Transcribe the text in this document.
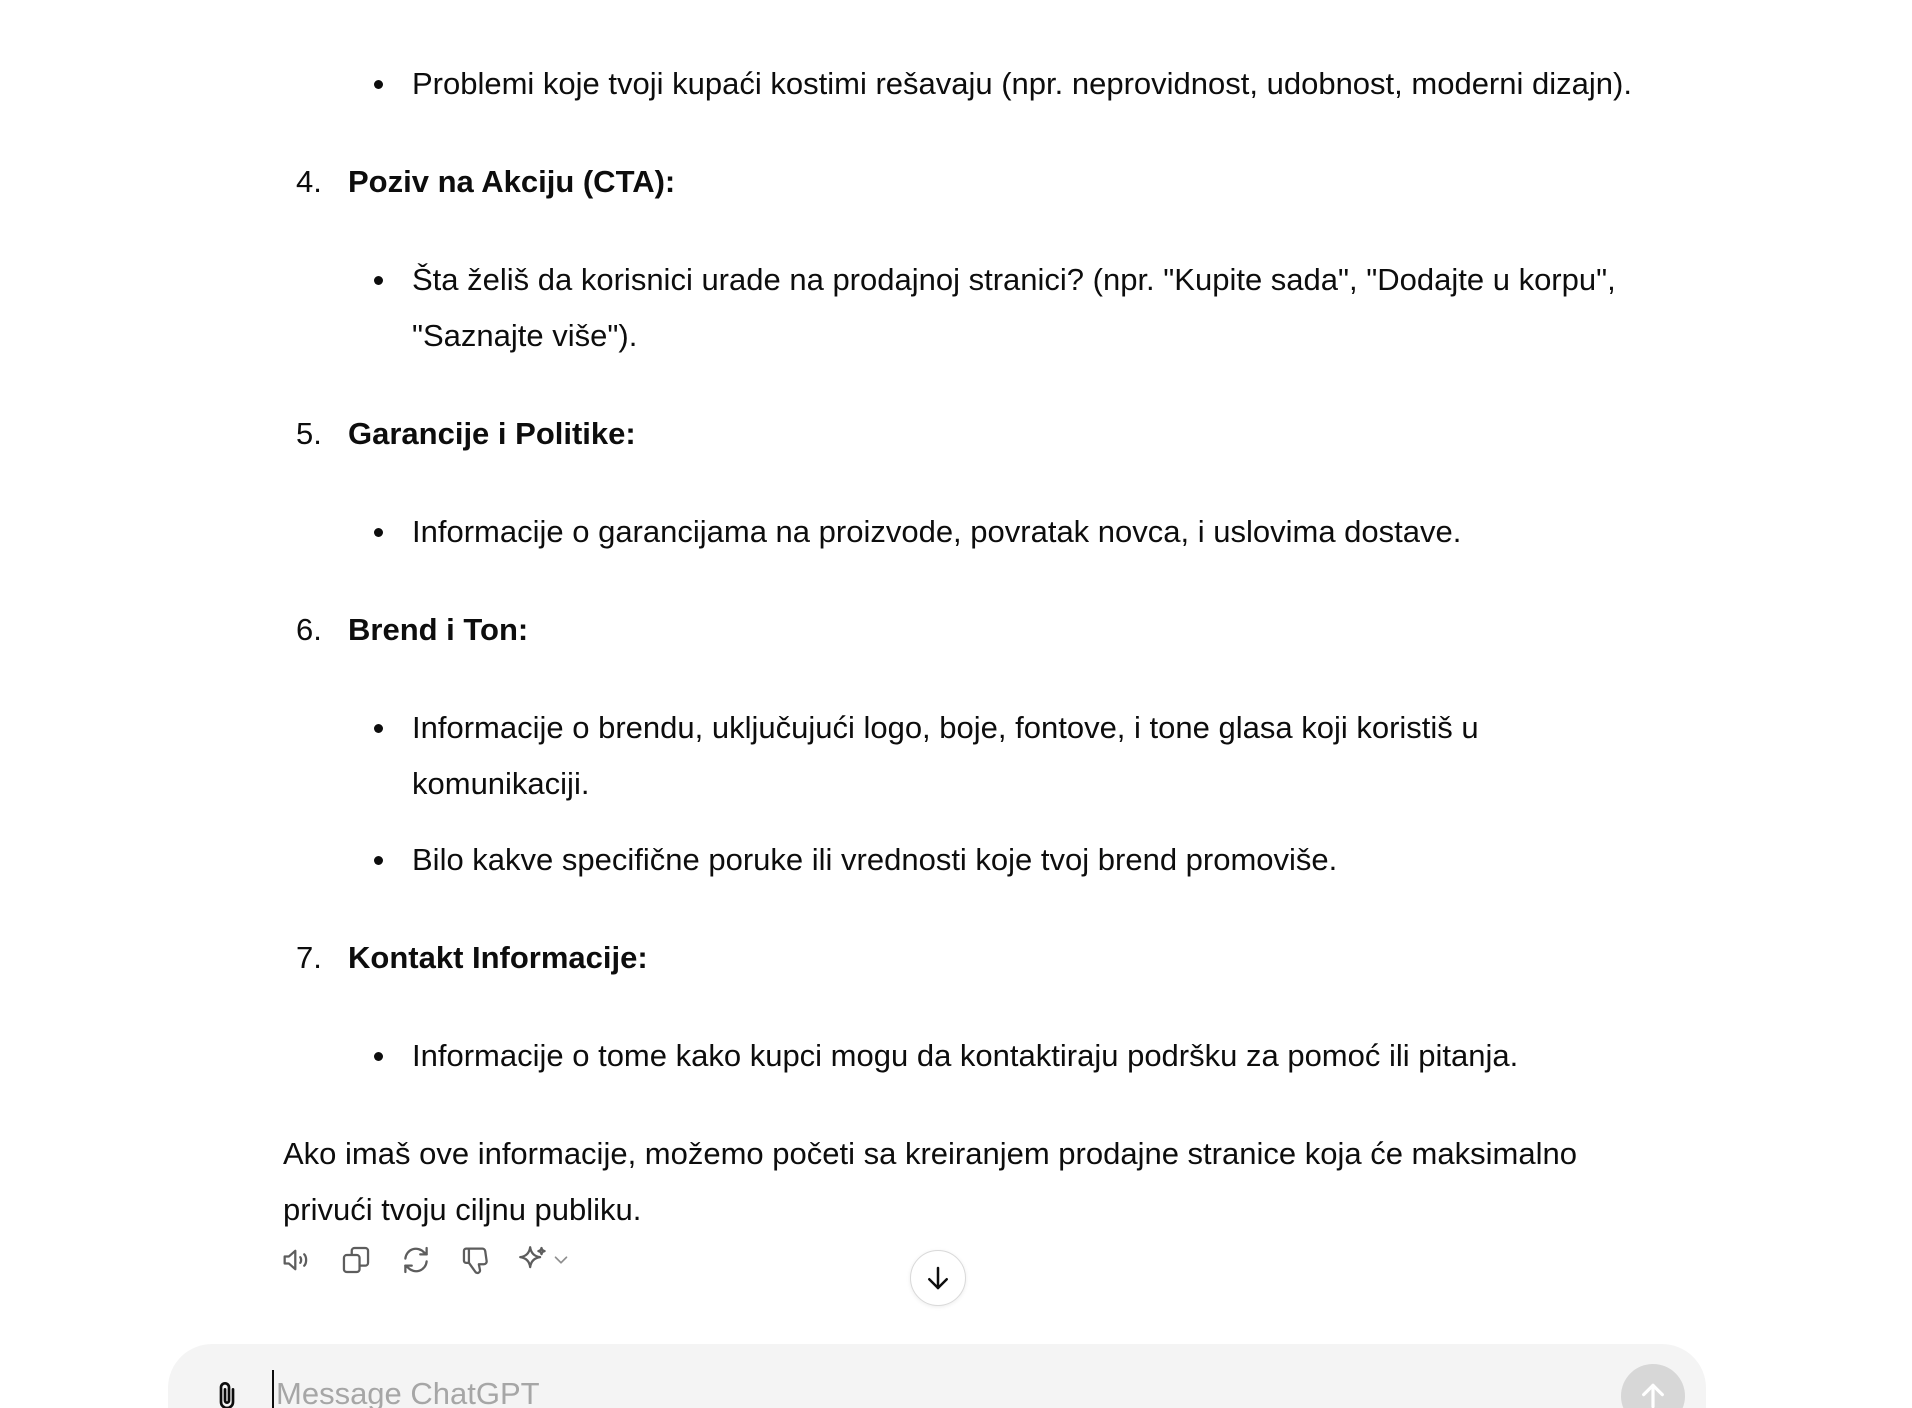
Problemi koje tvoji kupaći kostimi rešavaju (npr. neprovidnost, udobnost, moderni dizajn).
4. Poziv na Akciju (CTA):
Šta želiš da korisnici urade na prodajnoj stranici? (npr. "Kupite sada", "Dodajte u korpu", "Saznajte više").
5. Garancije i Politike:
Informacije o garancijama na proizvode, povratak novca, i uslovima dostave.
6. Brend i Ton:
Informacije o brendu, uključujući logo, boje, fontove, i tone glasa koji koristiš u komunikaciji.
Bilo kakve specifične poruke ili vrednosti koje tvoj brend promoviše.
7. Kontakt Informacije:
Informacije o tome kako kupci mogu da kontaktiraju podršku za pomoć ili pitanja.
Ako imaš ove informacije, možemo početi sa kreiranjem prodajne stranice koja će maksimalno privući tvoju ciljnu publiku.
Message ChatGPT
